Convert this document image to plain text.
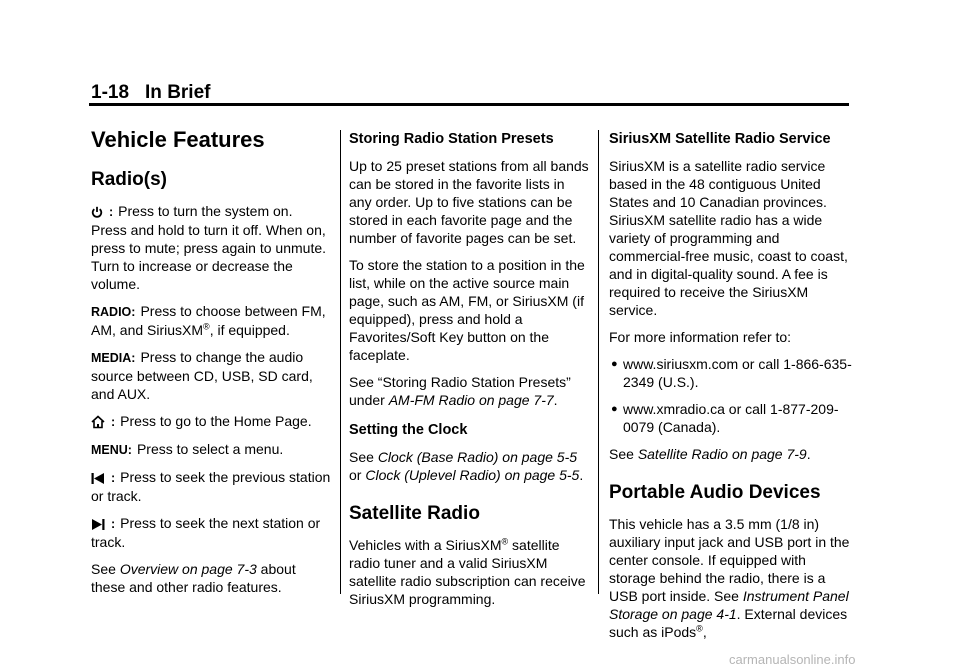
1-18 In Brief
Vehicle Features
Radio(s)

: Press to turn the system on. Press and hold to turn it off. When on, press to mute; press again to unmute. Turn to increase or decrease the volume.

RADIO: Press to choose between FM, AM, and SiriusXM®, if equipped.

MEDIA: Press to change the audio source between CD, USB, SD card, and AUX.

: Press to go to the Home Page.

MENU: Press to select a menu.

: Press to seek the previous station or track.

: Press to seek the next station or track.

See Overview on page 7-3 about these and other radio features.

Storing Radio Station Presets

Up to 25 preset stations from all bands can be stored in the favorite lists in any order. Up to five stations can be stored in each favorite page and the number of favorite pages can be set.

To store the station to a position in the list, while on the active source main page, such as AM, FM, or SiriusXM (if equipped), press and hold a Favorites/Soft Key button on the faceplate.

See “Storing Radio Station Presets” under AM-FM Radio on page 7-7.

Setting the Clock

See Clock (Base Radio) on page 5-5 or Clock (Uplevel Radio) on page 5-5.

Satellite Radio

Vehicles with a SiriusXM® satellite radio tuner and a valid SiriusXM satellite radio subscription can receive SiriusXM programming.

SiriusXM Satellite Radio Service

SiriusXM is a satellite radio service based in the 48 contiguous United States and 10 Canadian provinces. SiriusXM satellite radio has a wide variety of programming and commercial-free music, coast to coast, and in digital-quality sound. A fee is required to receive the SiriusXM service.

For more information refer to:

● www.siriusxm.com or call 1-866-635-2349 (U.S.).
● www.xmradio.ca or call 1-877-209-0079 (Canada).

See Satellite Radio on page 7-9.

Portable Audio Devices

This vehicle has a 3.5 mm (1/8 in) auxiliary input jack and USB port in the center console. If equipped with storage behind the radio, there is a USB port inside. See Instrument Panel Storage on page 4-1. External devices such as iPods®,

carmanualsonline.info
